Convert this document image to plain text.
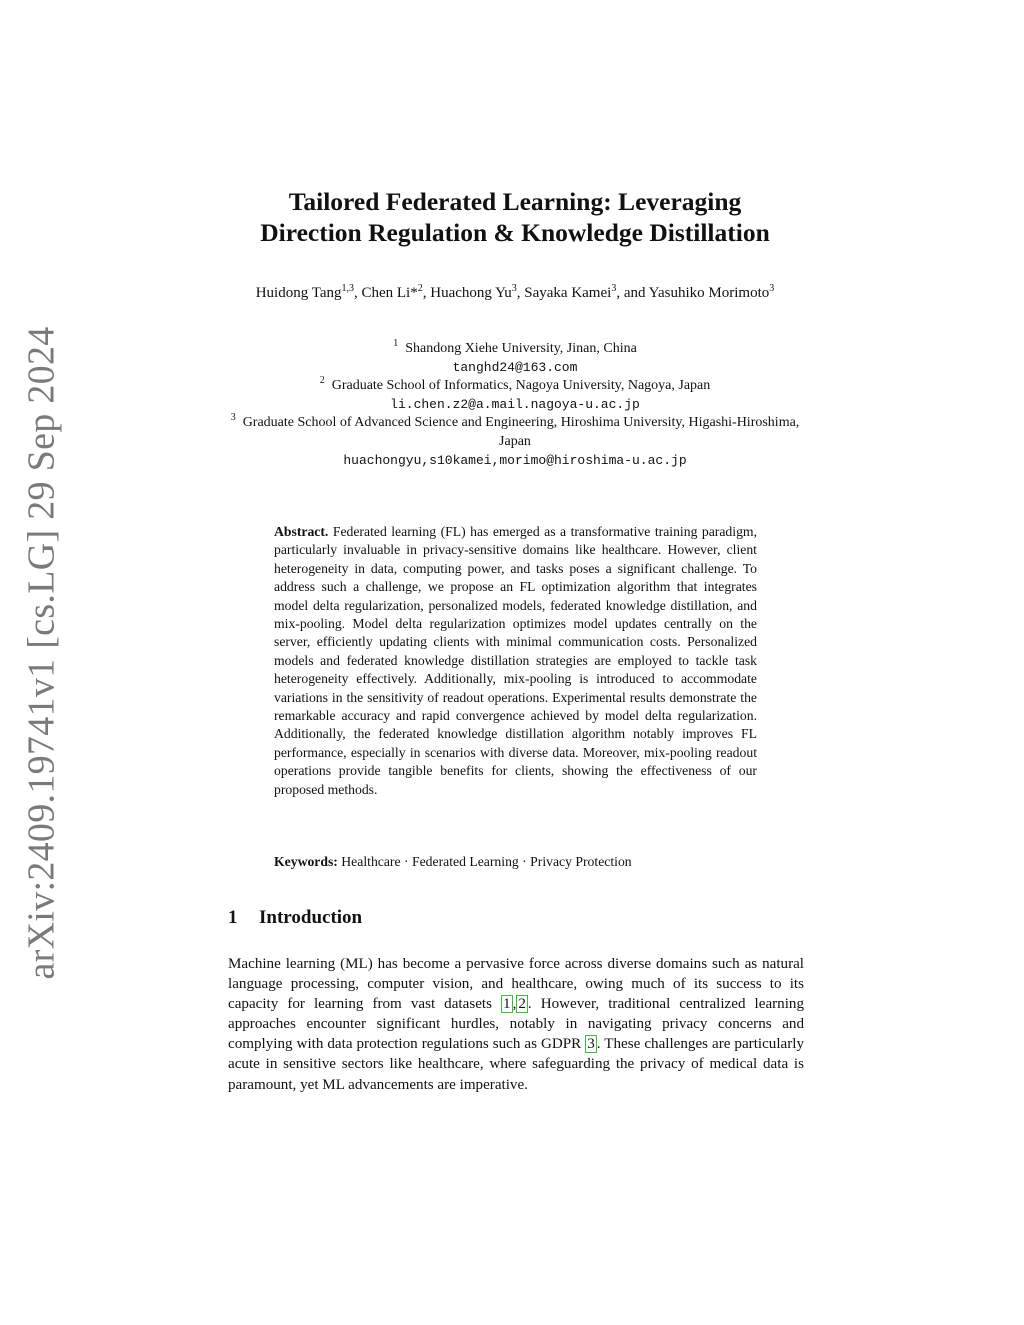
arXiv:2409.19741v1 [cs.LG] 29 Sep 2024
Tailored Federated Learning: Leveraging
Direction Regulation & Knowledge Distillation
Huidong Tang$^{1,3}$, Chen Li*$^2$, Huachong Yu$^3$, Sayaka Kamei$^3$, and Yasuhiko Morimoto$^3$
$^1$ Shandong Xiehe University, Jinan, China
tanghd24@163.com
$^2$ Graduate School of Informatics, Nagoya University, Nagoya, Japan
li.chen.z2@a.mail.nagoya-u.ac.jp
$^3$ Graduate School of Advanced Science and Engineering, Hiroshima University, Higashi-Hiroshima, Japan
huachongyu,s10kamei,morimo@hiroshima-u.ac.jp
Abstract. Federated learning (FL) has emerged as a transformative training paradigm, particularly invaluable in privacy-sensitive domains like healthcare. However, client heterogeneity in data, computing power, and tasks poses a significant challenge. To address such a challenge, we propose an FL optimization algorithm that integrates model delta regularization, personalized models, federated knowledge distillation, and mix-pooling. Model delta regularization optimizes model updates centrally on the server, efficiently updating clients with minimal communication costs. Personalized models and federated knowledge distillation strategies are employed to tackle task heterogeneity effectively. Additionally, mix-pooling is introduced to accommodate variations in the sensitivity of readout operations. Experimental results demonstrate the remarkable accuracy and rapid convergence achieved by model delta regularization. Additionally, the federated knowledge distillation algorithm notably improves FL performance, especially in scenarios with diverse data. Moreover, mix-pooling readout operations provide tangible benefits for clients, showing the effectiveness of our proposed methods.
Keywords: Healthcare · Federated Learning · Privacy Protection
1 Introduction
Machine learning (ML) has become a pervasive force across diverse domains such as natural language processing, computer vision, and healthcare, owing much of its success to its capacity for learning from vast datasets 1 , 2 . However, traditional centralized learning approaches encounter significant hurdles, notably in navigating privacy concerns and complying with data protection regulations such as GDPR 3 . These challenges are particularly acute in sensitive sectors like healthcare, where safeguarding the privacy of medical data is paramount, yet ML advancements are imperative.
